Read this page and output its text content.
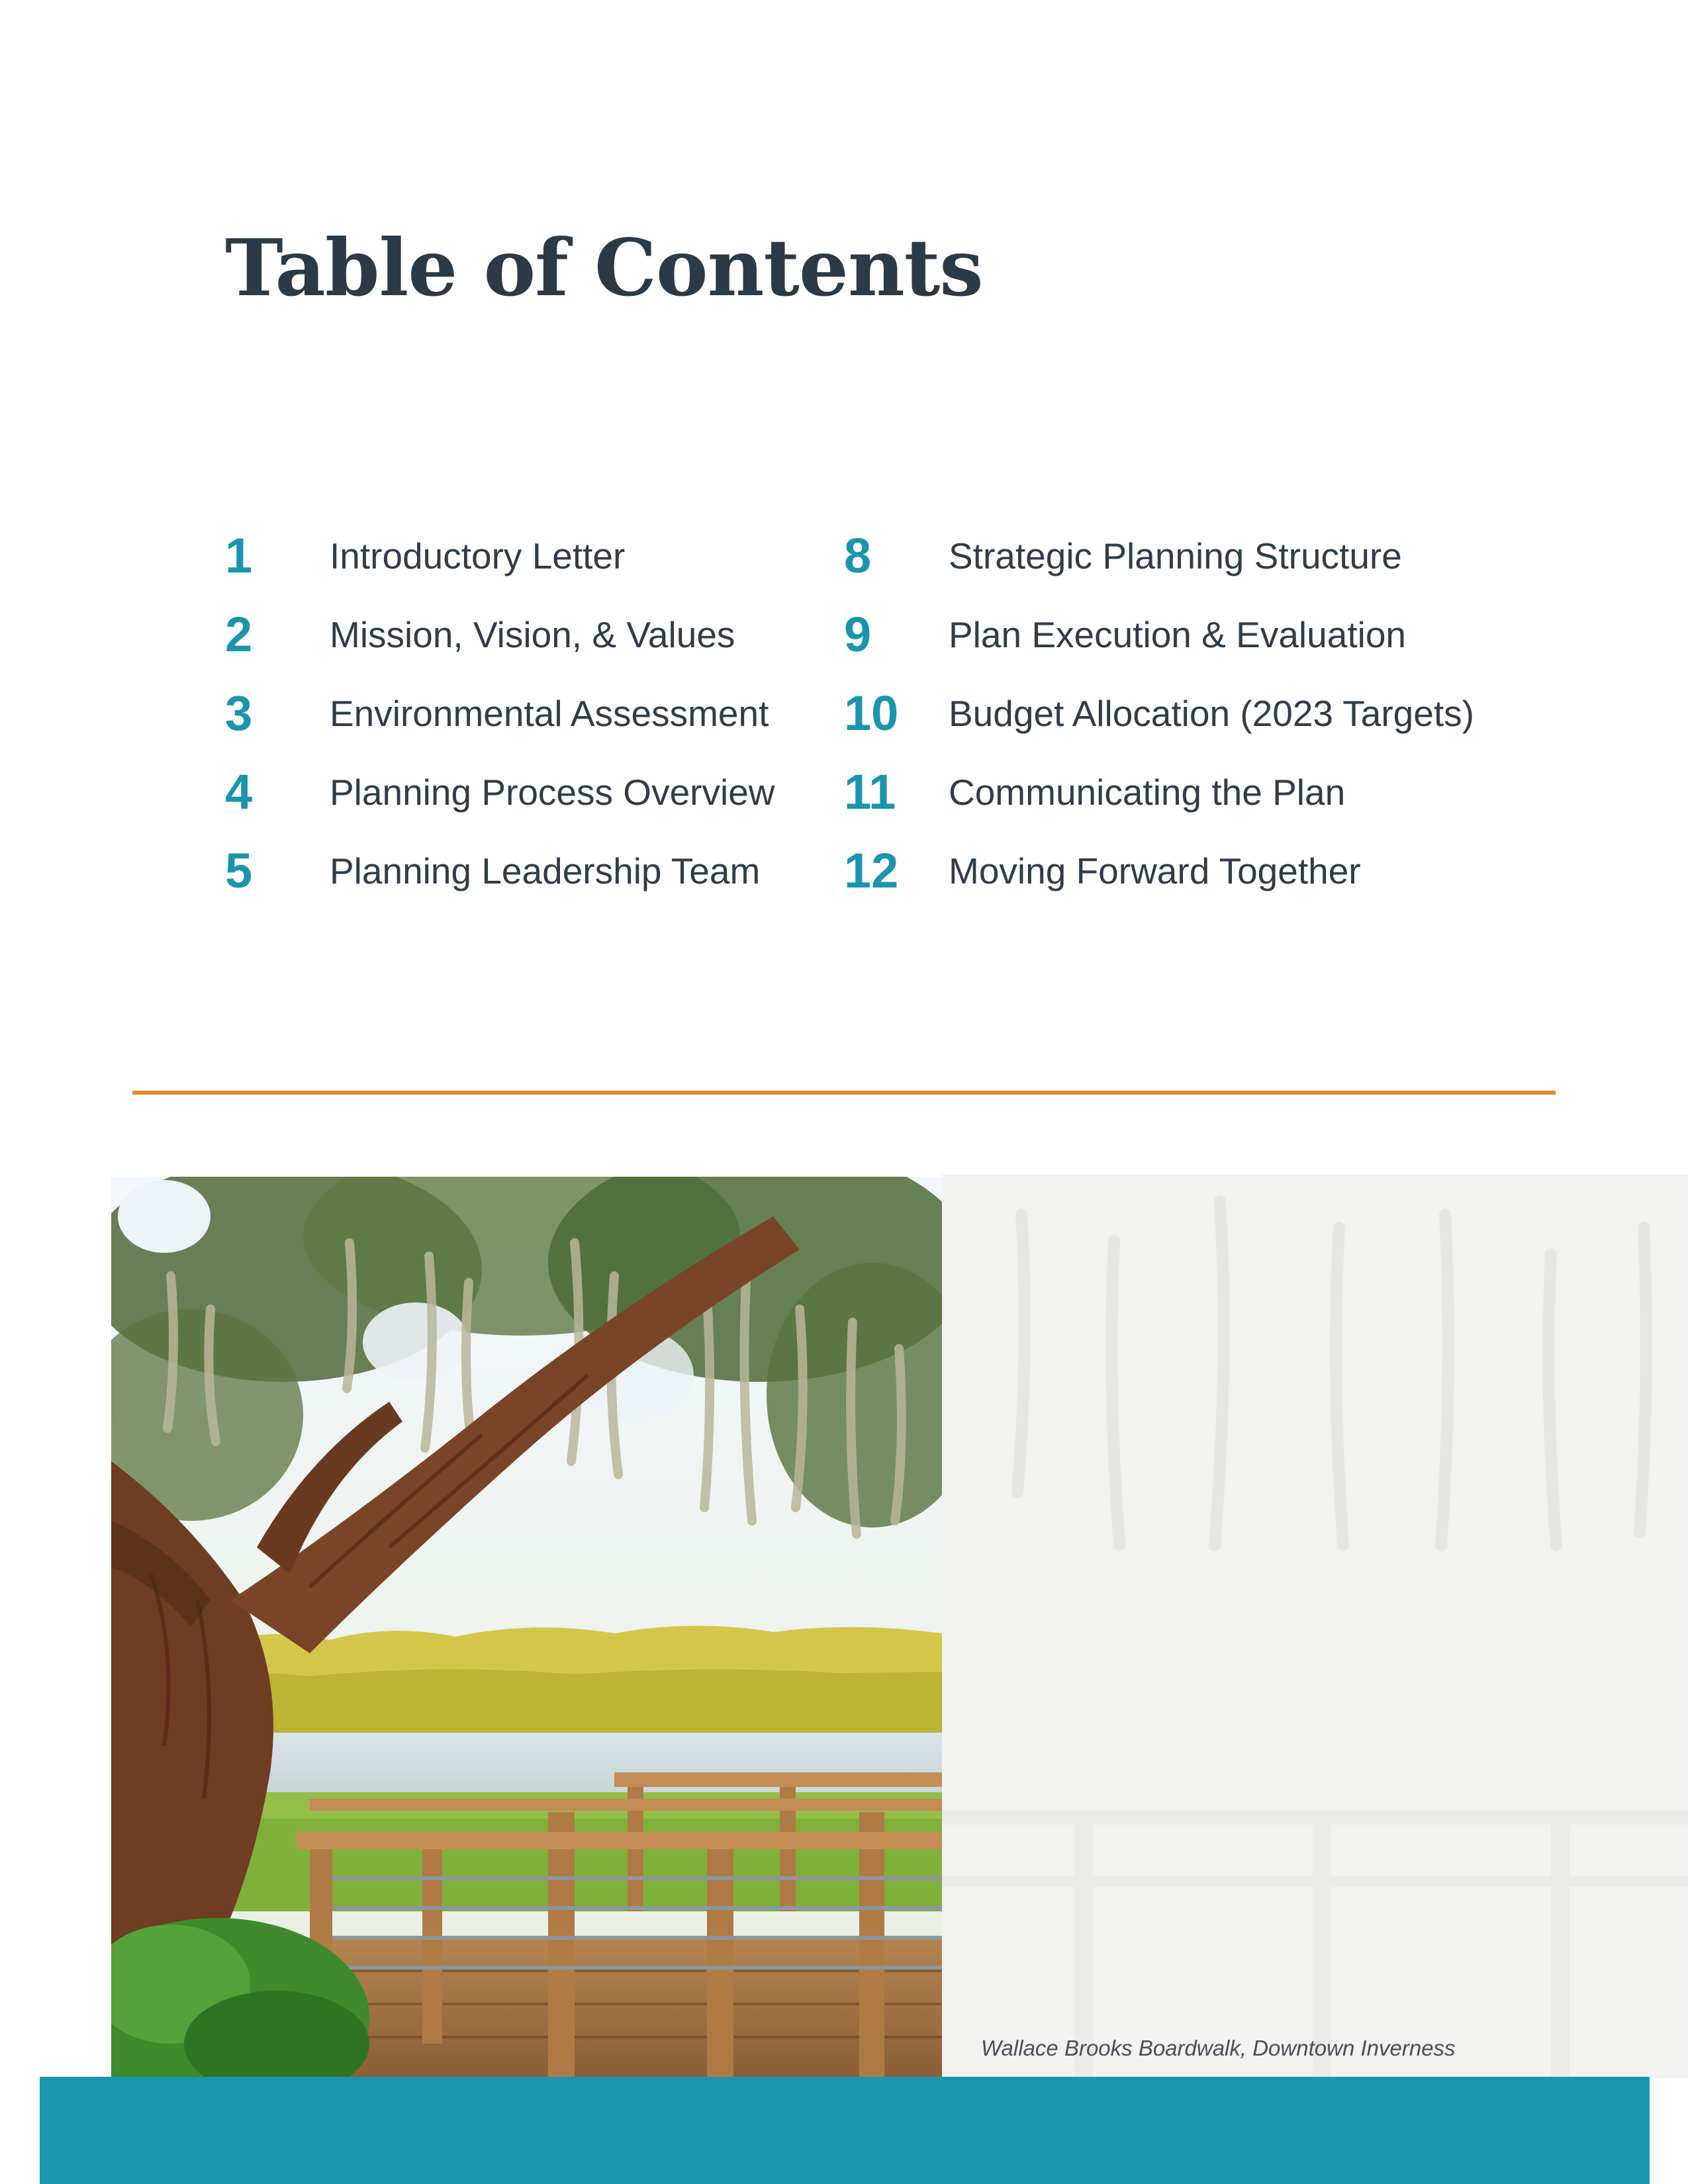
Table of Contents
1	Introductory Letter
2	Mission, Vision, & Values
3	Environmental Assessment
4	Planning Process Overview
5	Planning Leadership Team
8	Strategic Planning Structure
9	Plan Execution & Evaluation
10	Budget Allocation (2023 Targets)
11	Communicating the Plan
12	Moving Forward Together
Wallace Brooks Boardwalk, Downtown Inverness
